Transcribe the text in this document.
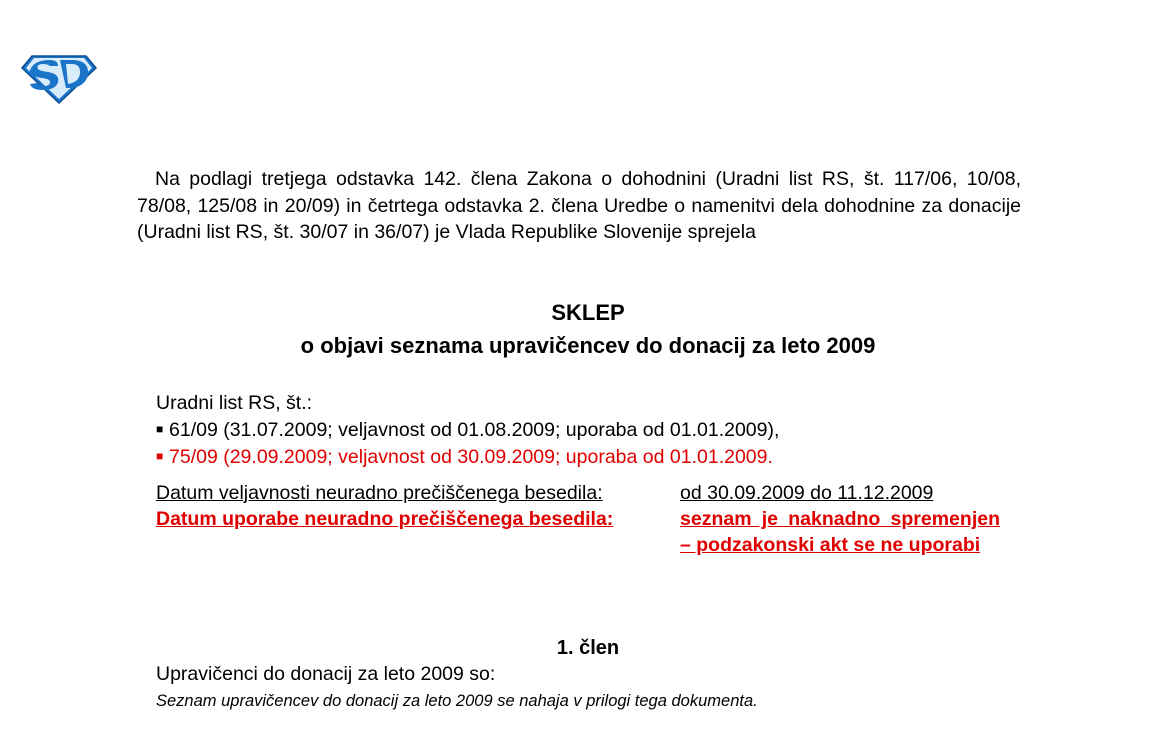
Na podlagi tretjega odstavka 142. člena Zakona o dohodnini (Uradni list RS, št. 117/06, 10/08, 78/08, 125/08 in 20/09) in četrtega odstavka 2. člena Uredbe o namenitvi dela dohodnine za donacije (Uradni list RS, št. 30/07 in 36/07) je Vlada Republike Slovenije sprejela

SKLEP
o objavi seznama upravičencev do donacij za leto 2009
Uradni list RS, št.:
■ 61/09 (31.07.2009; veljavnost od 01.08.2009; uporaba od 01.01.2009),
■ 75/09 (29.09.2009; veljavnost od 30.09.2009; uporaba od 01.01.2009.
Datum veljavnosti neuradno prečiščenega besedila:	od 30.09.2009 do 11.12.2009
Datum uporabe neuradno prečiščenega besedila:	seznam je naknadno spremenjen – podzakonski akt se ne uporabi
1. člen
Upravičenci do donacij za leto 2009 so:
Seznam upravičencev do donacij za leto 2009 se nahaja v prilogi tega dokumenta.
